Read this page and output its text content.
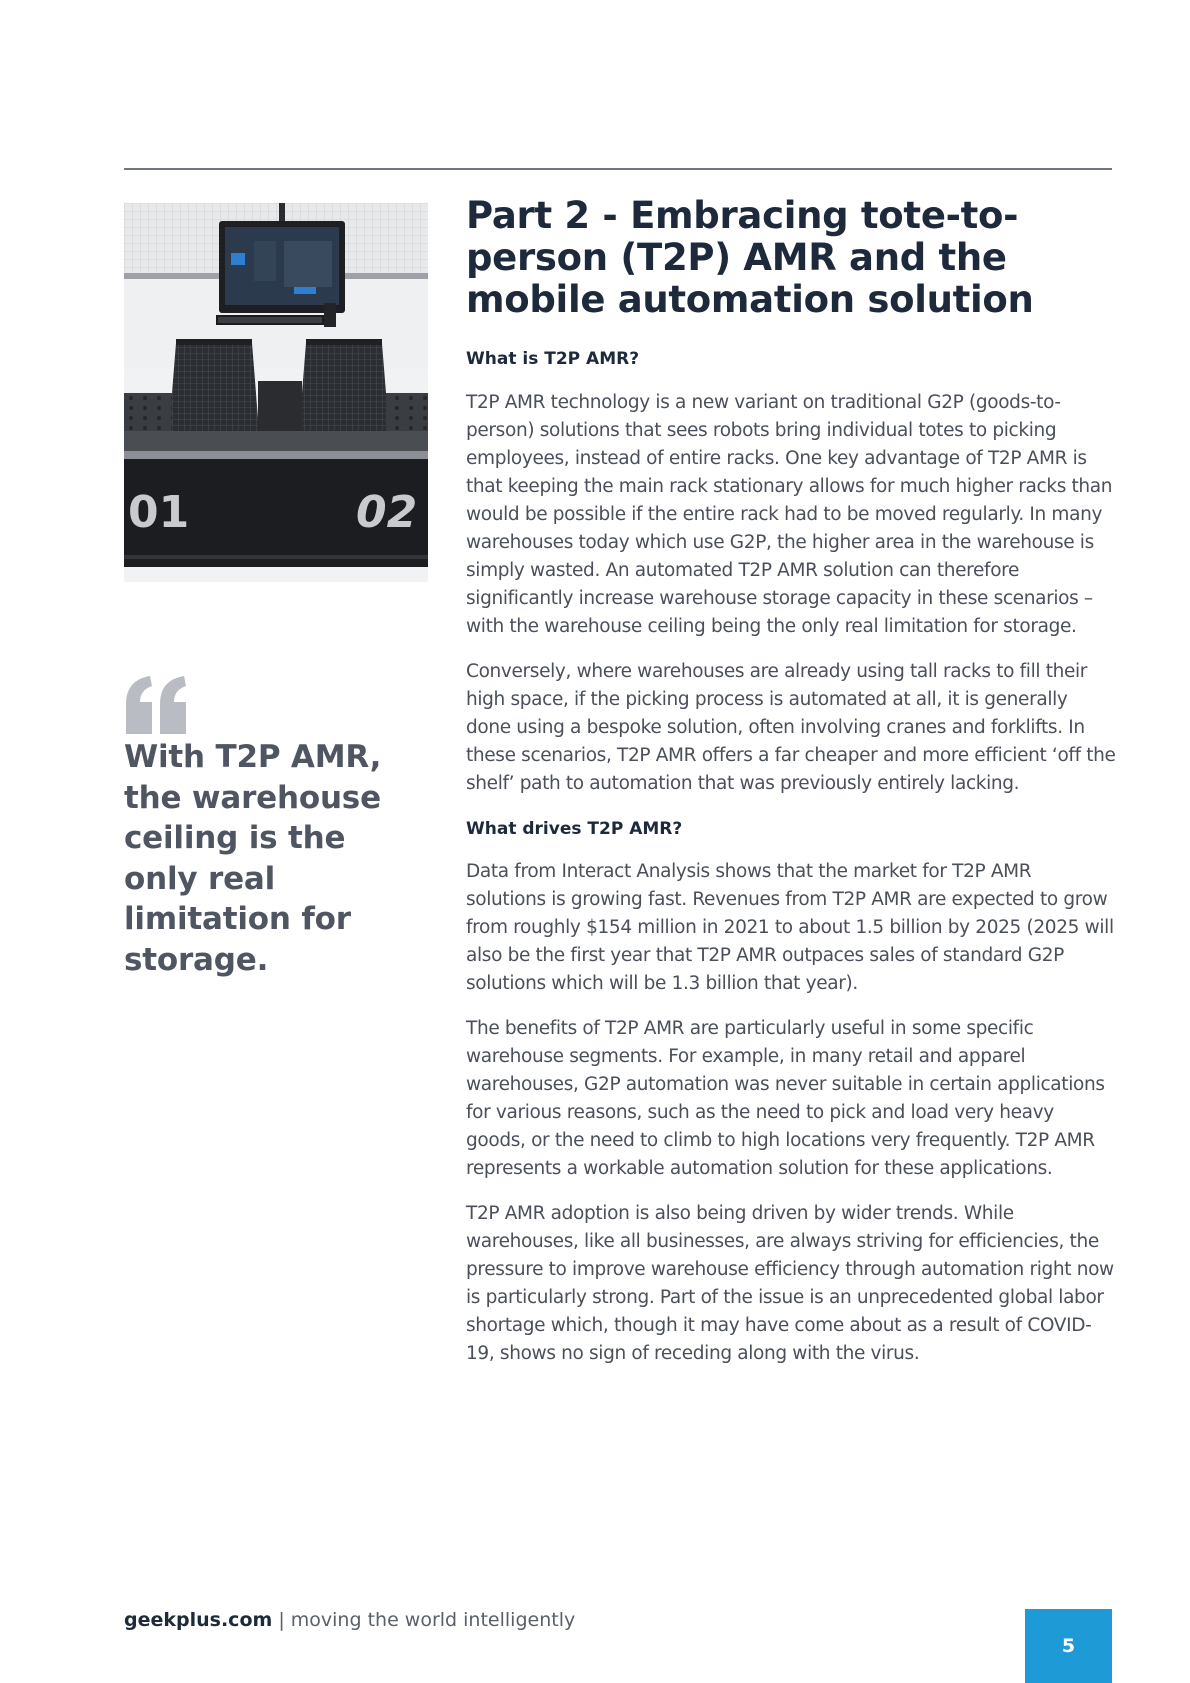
01	02
With T2P AMR, the warehouse ceiling is the only real limitation for storage.
Part 2 - Embracing tote-to-person (T2P) AMR and the mobile automation solution
What is T2P AMR?

T2P AMR technology is a new variant on traditional G2P (goods-to-person) solutions that sees robots bring individual totes to picking employees, instead of entire racks. One key advantage of T2P AMR is that keeping the main rack stationary allows for much higher racks than would be possible if the entire rack had to be moved regularly. In many warehouses today which use G2P, the higher area in the warehouse is simply wasted. An automated T2P AMR solution can therefore significantly increase warehouse storage capacity in these scenarios – with the warehouse ceiling being the only real limitation for storage.

Conversely, where warehouses are already using tall racks to fill their high space, if the picking process is automated at all, it is generally done using a bespoke solution, often involving cranes and forklifts. In these scenarios, T2P AMR offers a far cheaper and more efficient ‘off the shelf’ path to automation that was previously entirely lacking.

What drives T2P AMR?

Data from Interact Analysis shows that the market for T2P AMR solutions is growing fast. Revenues from T2P AMR are expected to grow from roughly $154 million in 2021 to about 1.5 billion by 2025 (2025 will also be the first year that T2P AMR outpaces sales of standard G2P solutions which will be 1.3 billion that year).

The benefits of T2P AMR are particularly useful in some specific warehouse segments. For example, in many retail and apparel warehouses, G2P automation was never suitable in certain applications for various reasons, such as the need to pick and load very heavy goods, or the need to climb to high locations very frequently. T2P AMR represents a workable automation solution for these applications.

T2P AMR adoption is also being driven by wider trends. While warehouses, like all businesses, are always striving for efficiencies, the pressure to improve warehouse efficiency through automation right now is particularly strong. Part of the issue is an unprecedented global labor shortage which, though it may have come about as a result of COVID-19, shows no sign of receding along with the virus.

geekplus.com | moving the world intelligently
5
